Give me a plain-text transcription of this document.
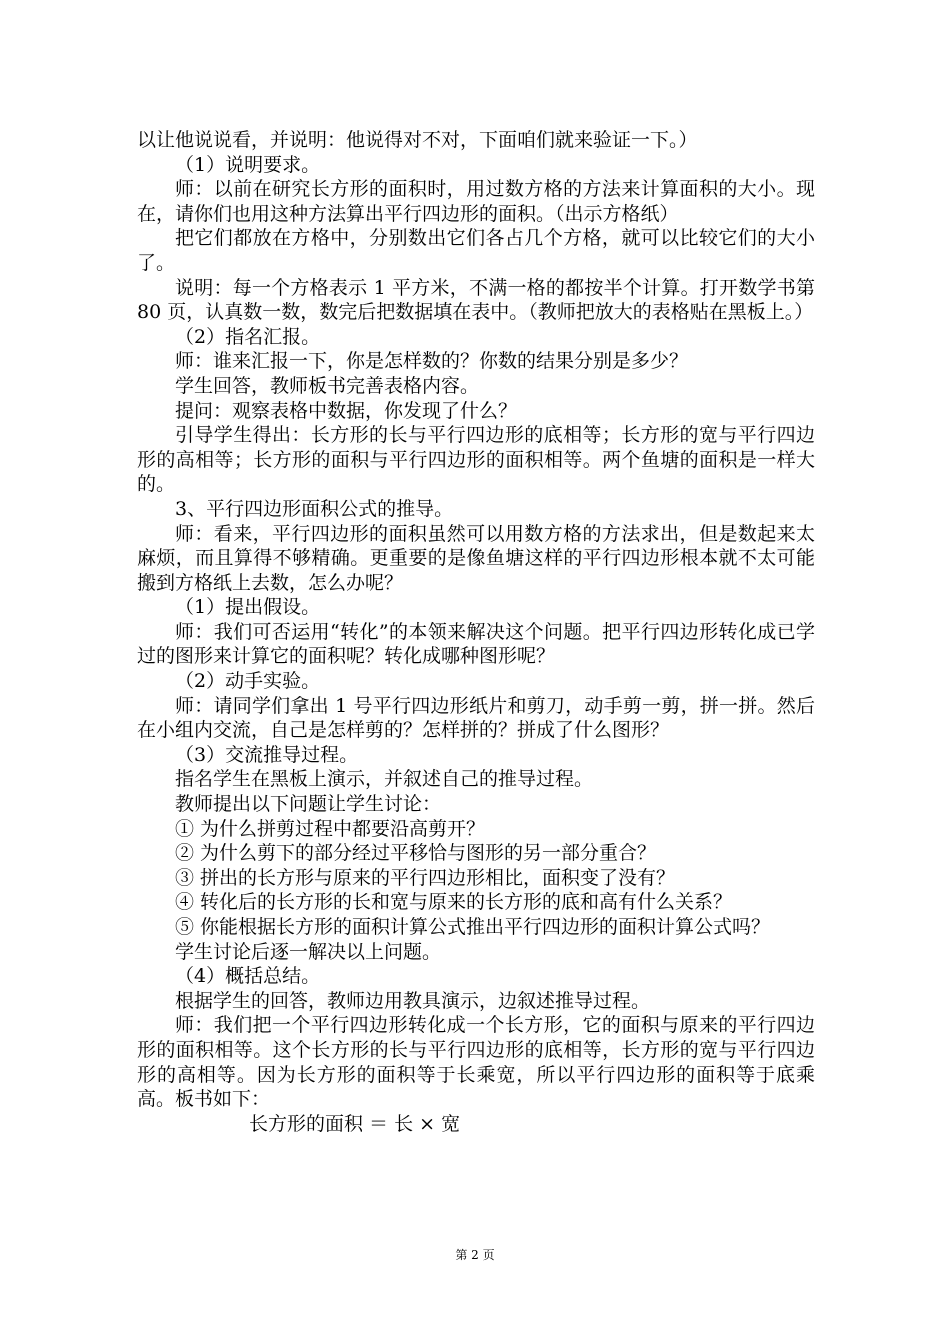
以让他说说看，并说明：他说得对不对，下面咱们就来验证一下。）

（1）说明要求。

师：以前在研究长方形的面积时，用过数方格的方法来计算面积的大小。现在，请你们也用这种方法算出平行四边形的面积。（出示方格纸）

把它们都放在方格中，分别数出它们各占几个方格，就可以比较它们的大小了。

说明：每一个方格表示 1 平方米，不满一格的都按半个计算。打开数学书第 80 页，认真数一数，数完后把数据填在表中。（教师把放大的表格贴在黑板上。）

（2）指名汇报。

师：谁来汇报一下，你是怎样数的？你数的结果分别是多少？

学生回答，教师板书完善表格内容。

提问：观察表格中数据，你发现了什么？

引导学生得出：长方形的长与平行四边形的底相等；长方形的宽与平行四边形的高相等；长方形的面积与平行四边形的面积相等。两个鱼塘的面积是一样大的。

3、平行四边形面积公式的推导。

师：看来，平行四边形的面积虽然可以用数方格的方法求出，但是数起来太麻烦，而且算得不够精确。更重要的是像鱼塘这样的平行四边形根本就不太可能搬到方格纸上去数，怎么办呢？

（1）提出假设。

师：我们可否运用“转化”的本领来解决这个问题。把平行四边形转化成已学过的图形来计算它的面积呢？转化成哪种图形呢？

（2）动手实验。

师：请同学们拿出 1 号平行四边形纸片和剪刀，动手剪一剪，拼一拼。然后在小组内交流，自己是怎样剪的？怎样拼的？拼成了什么图形？

（3）交流推导过程。

指名学生在黑板上演示，并叙述自己的推导过程。

教师提出以下问题让学生讨论：

① 为什么拼剪过程中都要沿高剪开？

② 为什么剪下的部分经过平移恰与图形的另一部分重合？

③ 拼出的长方形与原来的平行四边形相比，面积变了没有？

④ 转化后的长方形的长和宽与原来的长方形的底和高有什么关系？

⑤ 你能根据长方形的面积计算公式推出平行四边形的面积计算公式吗？

学生讨论后逐一解决以上问题。

（4）概括总结。

根据学生的回答，教师边用教具演示，边叙述推导过程。

师：我们把一个平行四边形转化成一个长方形，它的面积与原来的平行四边形的面积相等。这个长方形的长与平行四边形的底相等，长方形的宽与平行四边形的高相等。因为长方形的面积等于长乘宽，所以平行四边形的面积等于底乘高。板书如下：

长方形的面积 ＝ 长 × 宽

第 2 页
